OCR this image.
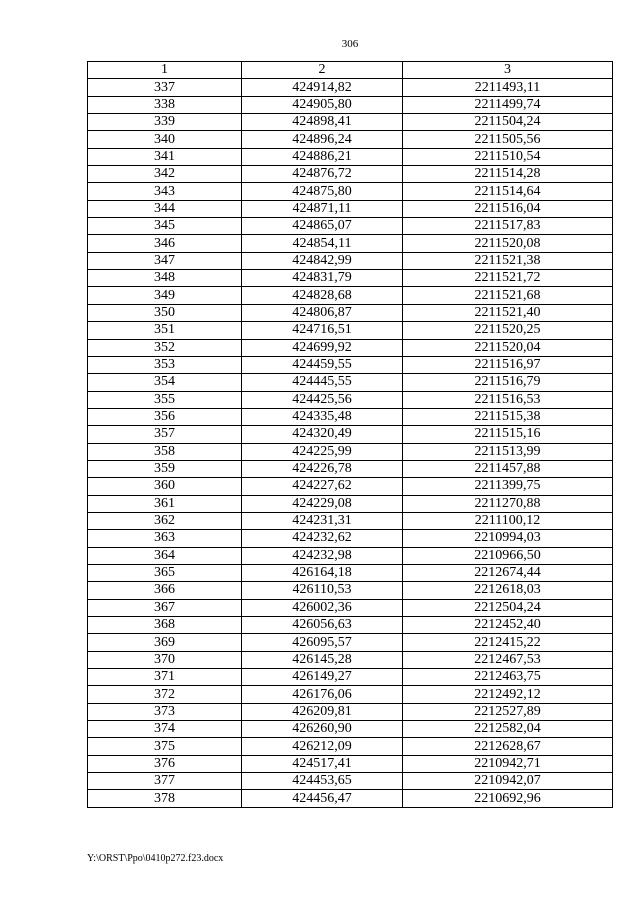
306
1	2	3
337	424914,82	2211493,11
338	424905,80	2211499,74
339	424898,41	2211504,24
340	424896,24	2211505,56
341	424886,21	2211510,54
342	424876,72	2211514,28
343	424875,80	2211514,64
344	424871,11	2211516,04
345	424865,07	2211517,83
346	424854,11	2211520,08
347	424842,99	2211521,38
348	424831,79	2211521,72
349	424828,68	2211521,68
350	424806,87	2211521,40
351	424716,51	2211520,25
352	424699,92	2211520,04
353	424459,55	2211516,97
354	424445,55	2211516,79
355	424425,56	2211516,53
356	424335,48	2211515,38
357	424320,49	2211515,16
358	424225,99	2211513,99
359	424226,78	2211457,88
360	424227,62	2211399,75
361	424229,08	2211270,88
362	424231,31	2211100,12
363	424232,62	2210994,03
364	424232,98	2210966,50
365	426164,18	2212674,44
366	426110,53	2212618,03
367	426002,36	2212504,24
368	426056,63	2212452,40
369	426095,57	2212415,22
370	426145,28	2212467,53
371	426149,27	2212463,75
372	426176,06	2212492,12
373	426209,81	2212527,89
374	426260,90	2212582,04
375	426212,09	2212628,67
376	424517,41	2210942,71
377	424453,65	2210942,07
378	424456,47	2210692,96
Y:\ORST\Ppo\0410p272.f23.docx
